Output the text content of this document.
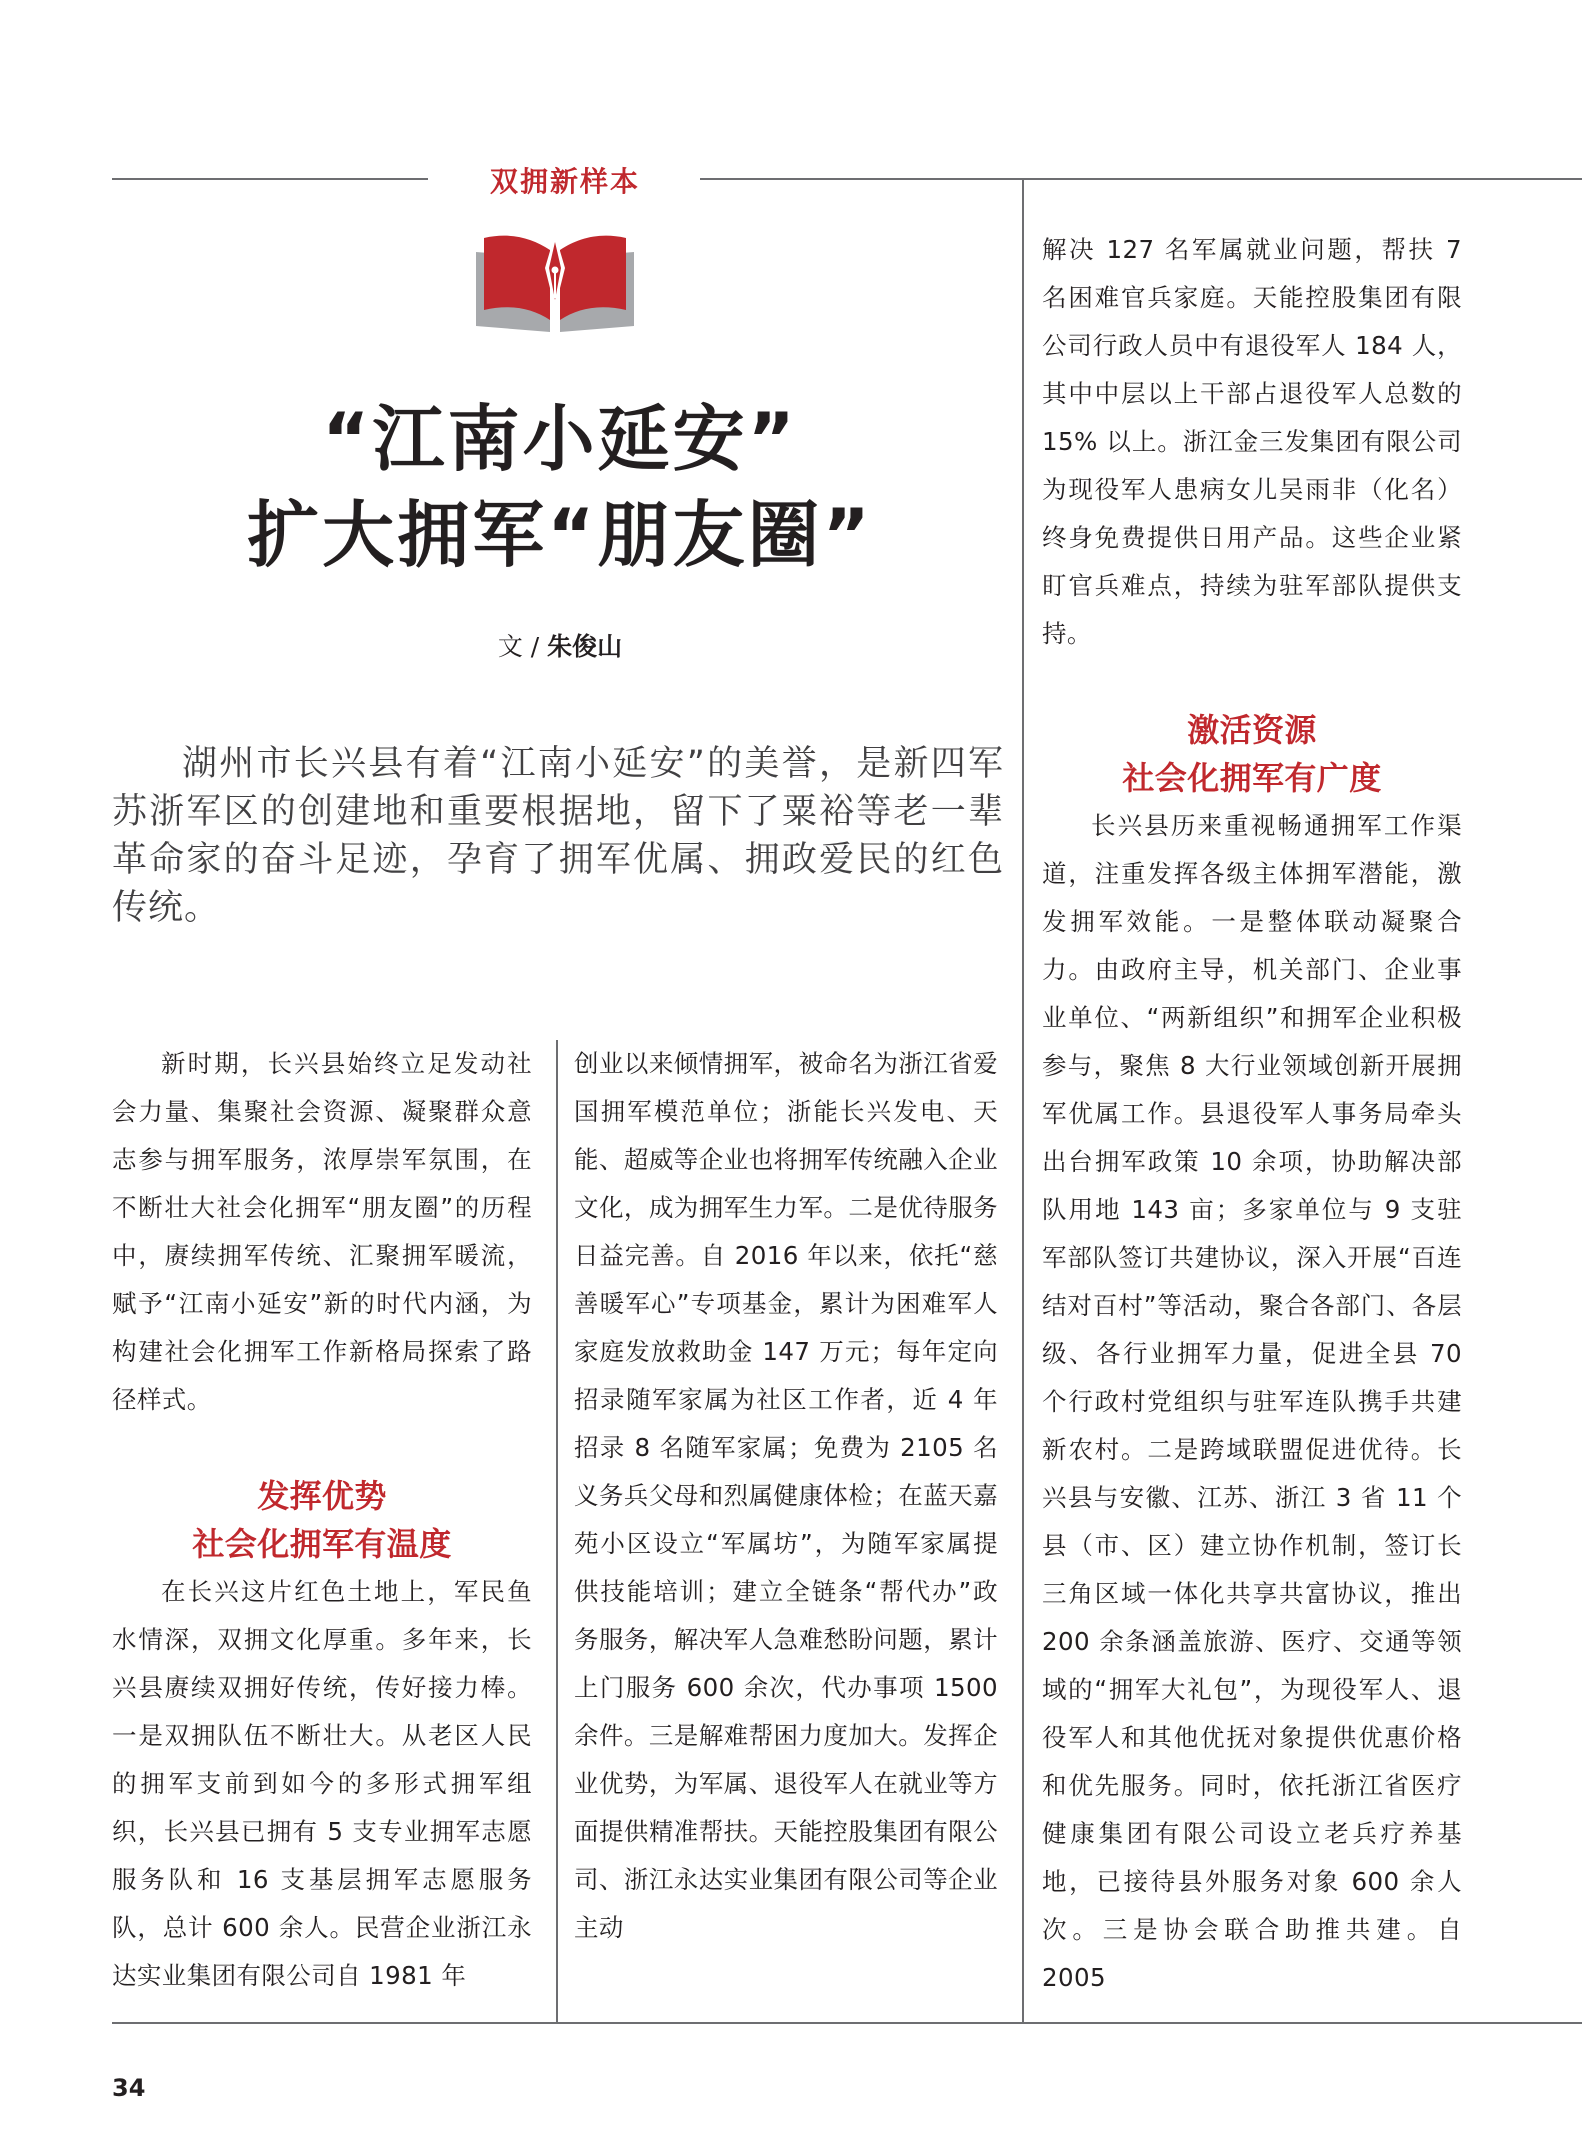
双拥新样本
“江南小延安”
扩大拥军“朋友圈”
文 / 朱俊山
湖州市长兴县有着“江南小延安”的美誉，是新四军苏浙军区的创建地和重要根据地，留下了粟裕等老一辈革命家的奋斗足迹，孕育了拥军优属、拥政爱民的红色传统。

新时期，长兴县始终立足发动社会力量、集聚社会资源、凝聚群众意志参与拥军服务，浓厚崇军氛围，在不断壮大社会化拥军“朋友圈”的历程中，赓续拥军传统、汇聚拥军暖流，赋予“江南小延安”新的时代内涵，为构建社会化拥军工作新格局探索了路径样式。

发挥优势
社会化拥军有温度

在长兴这片红色土地上，军民鱼水情深，双拥文化厚重。多年来，长兴县赓续双拥好传统，传好接力棒。一是双拥队伍不断壮大。从老区人民的拥军支前到如今的多形式拥军组织，长兴县已拥有 5 支专业拥军志愿服务队和 16 支基层拥军志愿服务队，总计 600 余人。民营企业浙江永达实业集团有限公司自 1981 年

创业以来倾情拥军，被命名为浙江省爱国拥军模范单位；浙能长兴发电、天能、超威等企业也将拥军传统融入企业文化，成为拥军生力军。二是优待服务日益完善。自 2016 年以来，依托“慈善暖军心”专项基金，累计为困难军人家庭发放救助金 147 万元；每年定向招录随军家属为社区工作者，近 4 年招录 8 名随军家属；免费为 2105 名义务兵父母和烈属健康体检；在蓝天嘉苑小区设立“军属坊”，为随军家属提供技能培训；建立全链条“帮代办”政务服务，解决军人急难愁盼问题，累计上门服务 600 余次，代办事项 1500 余件。三是解难帮困力度加大。发挥企业优势，为军属、退役军人在就业等方面提供精准帮扶。天能控股集团有限公司、浙江永达实业集团有限公司等企业主动

解决 127 名军属就业问题，帮扶 7 名困难官兵家庭。天能控股集团有限公司行政人员中有退役军人 184 人，其中中层以上干部占退役军人总数的 15% 以上。浙江金三发集团有限公司为现役军人患病女儿吴雨非（化名）终身免费提供日用产品。这些企业紧盯官兵难点，持续为驻军部队提供支持。

激活资源
社会化拥军有广度

长兴县历来重视畅通拥军工作渠道，注重发挥各级主体拥军潜能，激发拥军效能。一是整体联动凝聚合力。由政府主导，机关部门、企业事业单位、“两新组织”和拥军企业积极参与，聚焦 8 大行业领域创新开展拥军优属工作。县退役军人事务局牵头出台拥军政策 10 余项，协助解决部队用地 143 亩；多家单位与 9 支驻军部队签订共建协议，深入开展“百连结对百村”等活动，聚合各部门、各层级、各行业拥军力量，促进全县 70 个行政村党组织与驻军连队携手共建新农村。二是跨域联盟促进优待。长兴县与安徽、江苏、浙江 3 省 11 个县（市、区）建立协作机制，签订长三角区域一体化共享共富协议，推出 200 余条涵盖旅游、医疗、交通等领域的“拥军大礼包”，为现役军人、退役军人和其他优抚对象提供优惠价格和优先服务。同时，依托浙江省医疗健康集团有限公司设立老兵疗养基地，已接待县外服务对象 600 余人次。三是协会联合助推共建。自 2005

34
